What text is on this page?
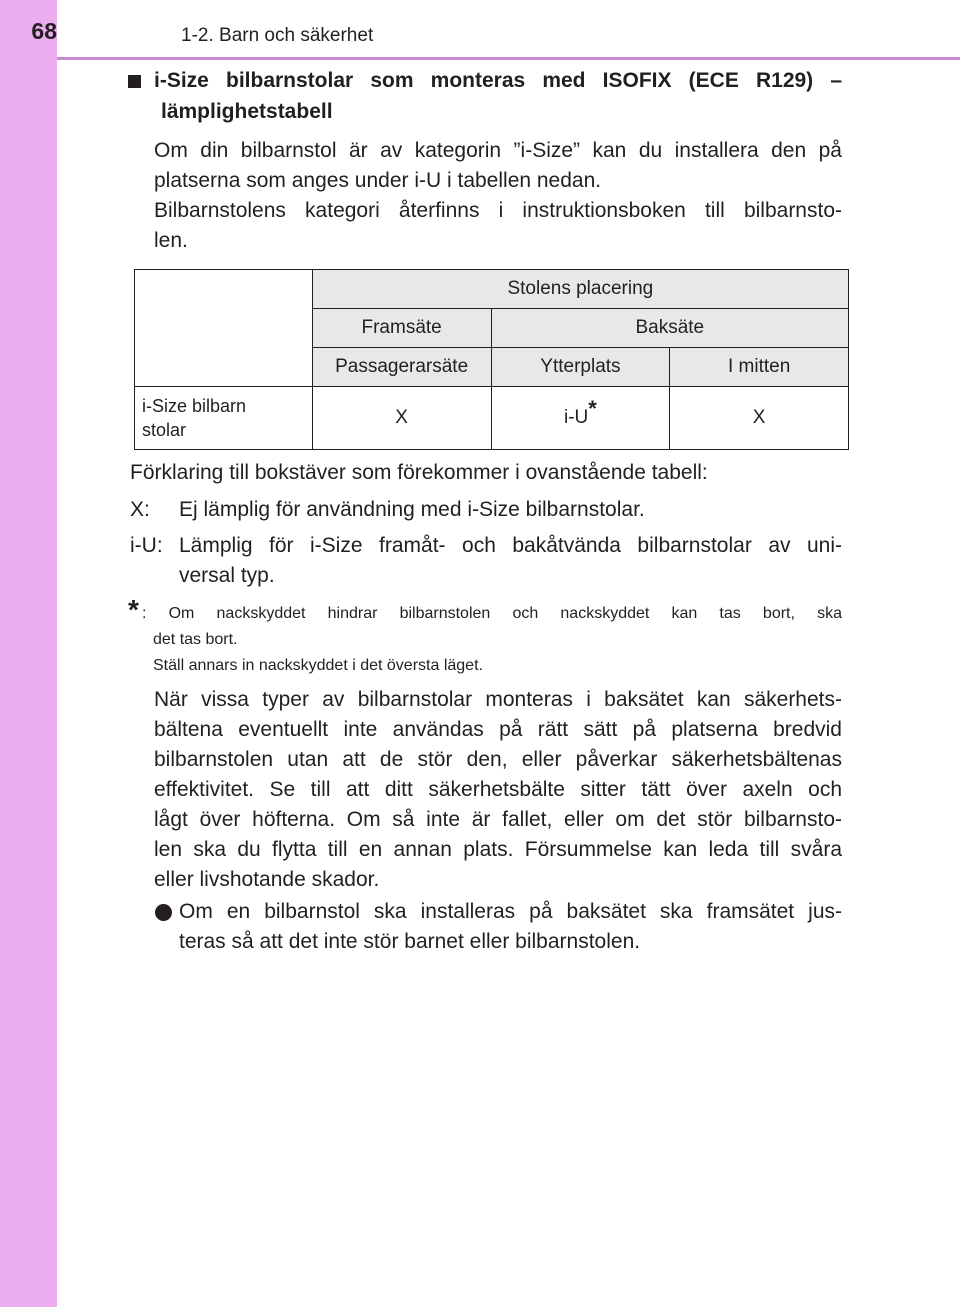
68	1-2. Barn och säkerhet
i-Size bilbarnstolar som monteras med ISOFIX (ECE R129) –
lämplighetstabell
Om din bilbarnstol är av kategorin ”i-Size” kan du installera den på
platserna som anges under i-U i tabellen nedan.
Bilbarnstolens kategori återfinns i instruktionsboken till bilbarnsto-
len.
	Stolens placering		
	Framsäte	Baksäte	
	Passagerarsäte	Ytterplats	I mitten
i-Size bilbarn
stolar	X	i-U*	X
Förklaring till bokstäver som förekommer i ovanstående tabell:
X: Ej lämplig för användning med i-Size bilbarnstolar.
i-U: Lämplig för i-Size framåt- och bakåtvända bilbarnstolar av uni-
versal typ.
* : Om nackskyddet hindrar bilbarnstolen och nackskyddet kan tas bort, ska
det tas bort.
Ställ annars in nackskyddet i det översta läget.
När vissa typer av bilbarnstolar monteras i baksätet kan säkerhets-
bältena eventuellt inte användas på rätt sätt på platserna bredvid
bilbarnstolen utan att de stör den, eller påverkar säkerhetsbältenas
effektivitet. Se till att ditt säkerhetsbälte sitter tätt över axeln och
lågt över höfterna. Om så inte är fallet, eller om det stör bilbarnsto-
len ska du flytta till en annan plats. Försummelse kan leda till svåra
eller livshotande skador.
Om en bilbarnstol ska installeras på baksätet ska framsätet jus-
teras så att det inte stör barnet eller bilbarnstolen.
